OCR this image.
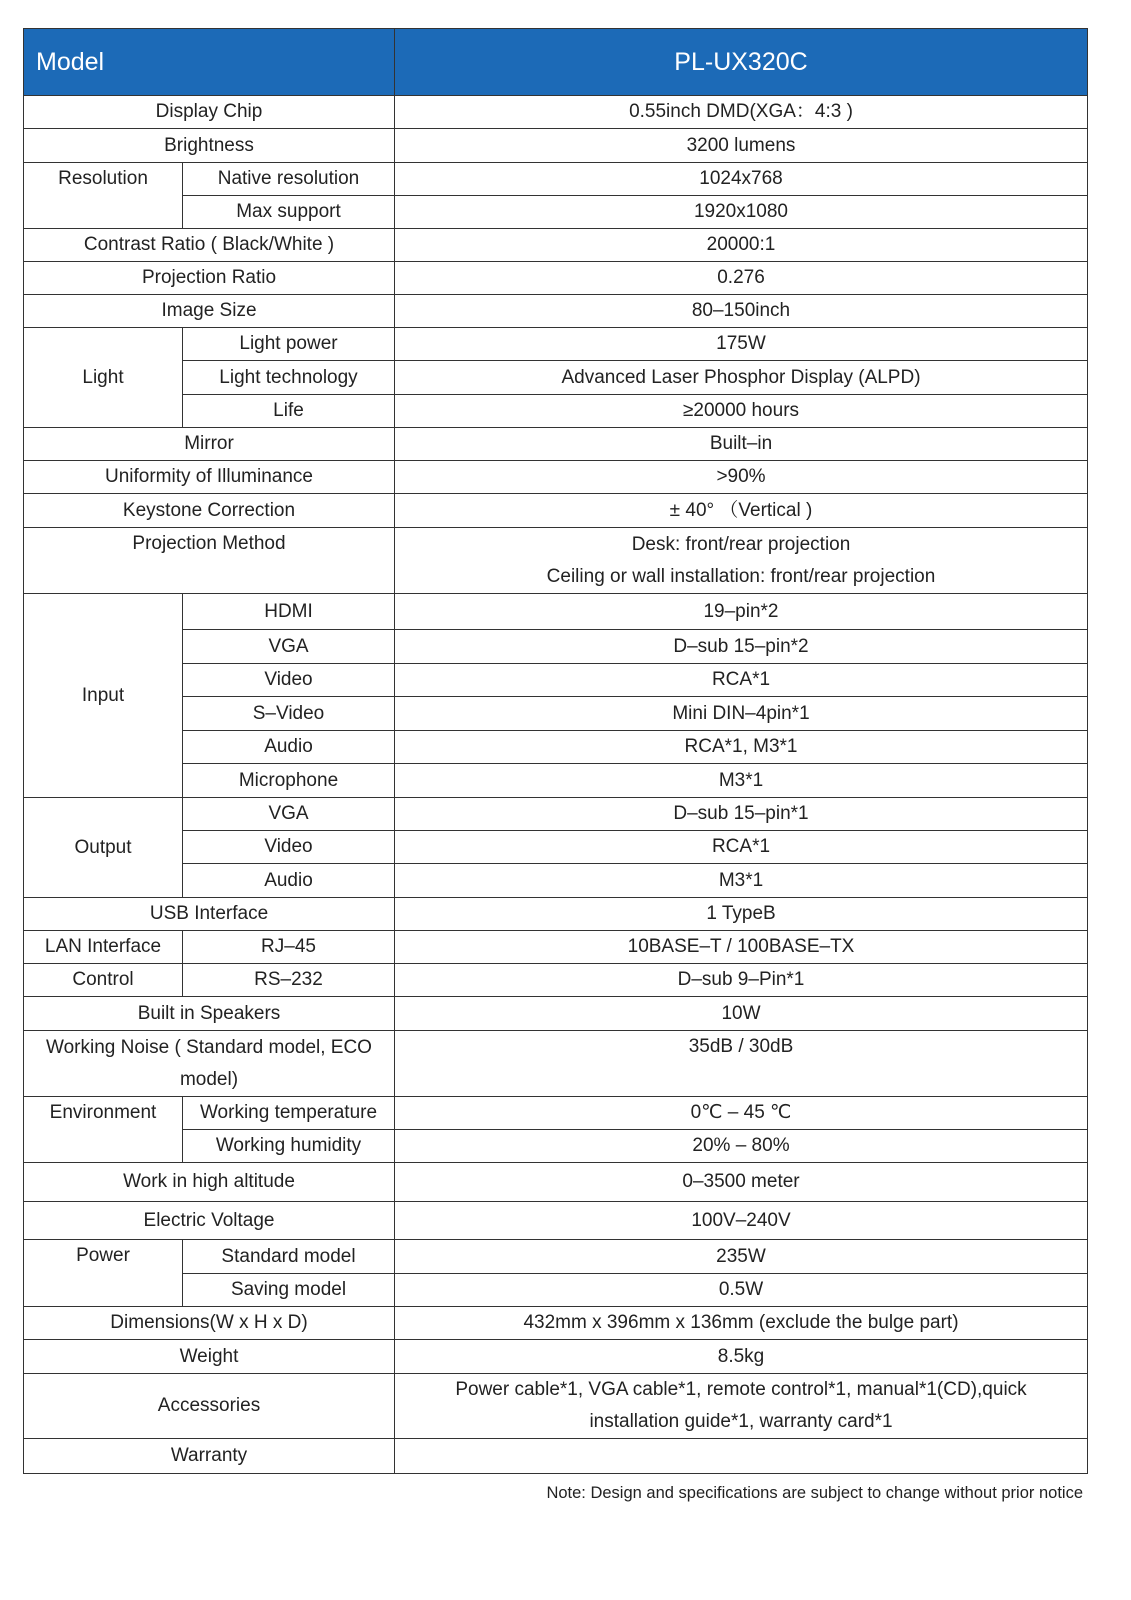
Model		PL-UX320C
Display Chip		0.55inch DMD(XGA：4:3 )
Brightness		3200 lumens
Resolution	Native resolution	1024x768
	Max support	1920x1080
Contrast Ratio ( Black/White )		20000:1
Projection Ratio		0.276
Image Size		80–150inch
Light	Light power	175W
	Light technology	Advanced Laser Phosphor Display (ALPD)
	Life	≥20000 hours
Mirror		Built–in
Uniformity of Illuminance		>90%
Keystone Correction		± 40° （Vertical )
Projection Method		Desk: front/rear projection
Ceiling or wall installation: front/rear projection

Input	HDMI	19–pin*2
	VGA	D–sub 15–pin*2
	Video	RCA*1
	S–Video	Mini DIN–4pin*1
	Audio	RCA*1, M3*1
	Microphone	M3*1
Output	VGA	D–sub 15–pin*1
	Video	RCA*1
	Audio	M3*1
USB Interface		1 TypeB
LAN Interface	RJ–45	10BASE–T / 100BASE–TX
Control	RS–232	D–sub 9–Pin*1
Built in Speakers		10W

Working Noise ( Standard model, ECO
model)		35dB / 30dB
Environment	Working temperature	0℃ – 45 ℃
	Working humidity	20% – 80%
Work in high altitude		0–3500 meter
Electric Voltage		100V–240V
Power	Standard model	235W
	Saving model	0.5W
Dimensions(W x H x D)		432mm x 396mm x 136mm (exclude the bulge part)
Weight		8.5kg
Accessories		Power cable*1, VGA cable*1, remote control*1, manual*1(CD),quick
installation guide*1, warranty card*1

Warranty		
Note: Design and specifications are subject to change without prior notice
